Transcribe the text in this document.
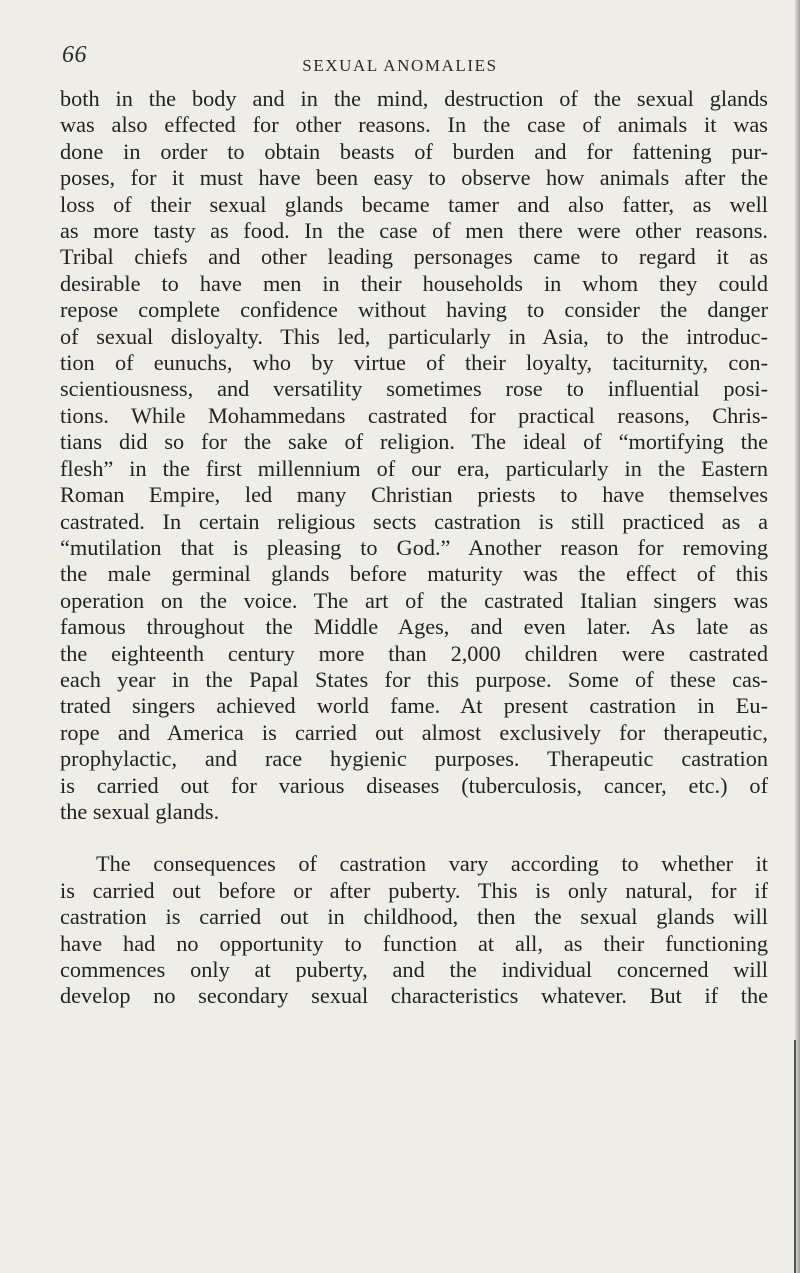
66	SEXUAL ANOMALIES
both in the body and in the mind, destruction of the sexual glands
was also effected for other reasons. In the case of animals it was
done in order to obtain beasts of burden and for fattening pur-
poses, for it must have been easy to observe how animals after the
loss of their sexual glands became tamer and also fatter, as well
as more tasty as food. In the case of men there were other reasons.
Tribal chiefs and other leading personages came to regard it as
desirable to have men in their households in whom they could
repose complete confidence without having to consider the danger
of sexual disloyalty. This led, particularly in Asia, to the introduc-
tion of eunuchs, who by virtue of their loyalty, taciturnity, con-
scientiousness, and versatility sometimes rose to influential posi-
tions. While Mohammedans castrated for practical reasons, Chris-
tians did so for the sake of religion. The ideal of “mortifying the
flesh” in the first millennium of our era, particularly in the Eastern
Roman Empire, led many Christian priests to have themselves
castrated. In certain religious sects castration is still practiced as a
“mutilation that is pleasing to God.” Another reason for removing
the male germinal glands before maturity was the effect of this
operation on the voice. The art of the castrated Italian singers was
famous throughout the Middle Ages, and even later. As late as
the eighteenth century more than 2,000 children were castrated
each year in the Papal States for this purpose. Some of these cas-
trated singers achieved world fame. At present castration in Eu-
rope and America is carried out almost exclusively for therapeutic,
prophylactic, and race hygienic purposes. Therapeutic castration
is carried out for various diseases (tuberculosis, cancer, etc.) of
the sexual glands.
The consequences of castration vary according to whether it
is carried out before or after puberty. This is only natural, for if
castration is carried out in childhood, then the sexual glands will
have had no opportunity to function at all, as their functioning
commences only at puberty, and the individual concerned will
develop no secondary sexual characteristics whatever. But if the
